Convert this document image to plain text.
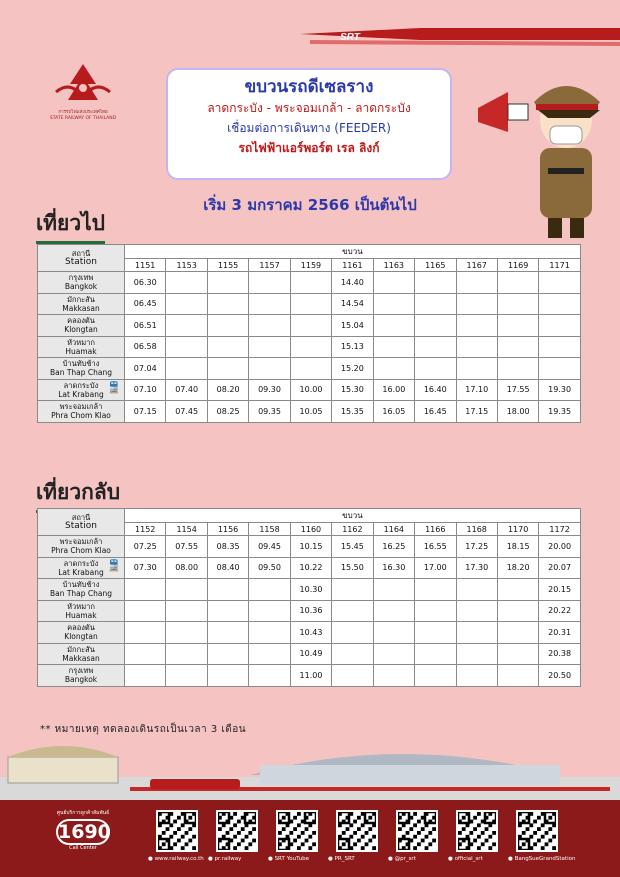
SRT
การรถไฟแห่งประเทศไทย
STATE RAILWAY OF THAILAND
ขบวนรถดีเซลราง
ลาดกระบัง - พระจอมเกล้า - ลาดกระบัง
เชื่อมต่อการเดินทาง (FEEDER)
รถไฟฟ้าแอร์พอร์ต เรล ลิงก์
เริ่ม 3 มกราคม 2566 เป็นต้นไป
เที่ยวไป
สถานี
Station	ขบวน										
	1151	1153	1155	1157	1159	1161	1163	1165	1167	1169	1171

กรุงเทพ
Bangkok	06.30					14.40					

มักกะสัน
Makkasan	06.45					14.54					

คลองตัน
Klongtan	06.51					15.04					

หัวหมาก
Huamak	06.58					15.13					

บ้านทับช้าง
Ban Thap Chang	07.04					15.20					

ลาดกระบัง
Lat Krabang
🚆	07.10	07.40	08.20	09.30	10.00	15.30	16.00	16.40	17.10	17.55	19.30

พระจอมเกล้า
Phra Chom Klao	07.15	07.45	08.25	09.35	10.05	15.35	16.05	16.45	17.15	18.00	19.35
เที่ยวกลับ
สถานี
Station	ขบวน										
	1152	1154	1156	1158	1160	1162	1164	1166	1168	1170	1172

พระจอมเกล้า
Phra Chom Klao	07.25	07.55	08.35	09.45	10.15	15.45	16.25	16.55	17.25	18.15	20.00

ลาดกระบัง
Lat Krabang
🚆	07.30	08.00	08.40	09.50	10.22	15.50	16.30	17.00	17.30	18.20	20.07

บ้านทับช้าง
Ban Thap Chang					10.30						20.15

หัวหมาก
Huamak					10.36						20.22

คลองตัน
Klongtan					10.43						20.31

มักกะสัน
Makkasan					10.49						20.38

กรุงเทพ
Bangkok					11.00						20.50
** หมายเหตุ ทดลองเดินรถเป็นเวลา 3 เดือน
ศูนย์บริการลูกค้าสัมพันธ์
1690
Call Center
● www.railway.co.th ● pr.railway	● SRT YouTube	● PR_SRT	● @pr_srt	● official_srt	● BangSueGrandStation
